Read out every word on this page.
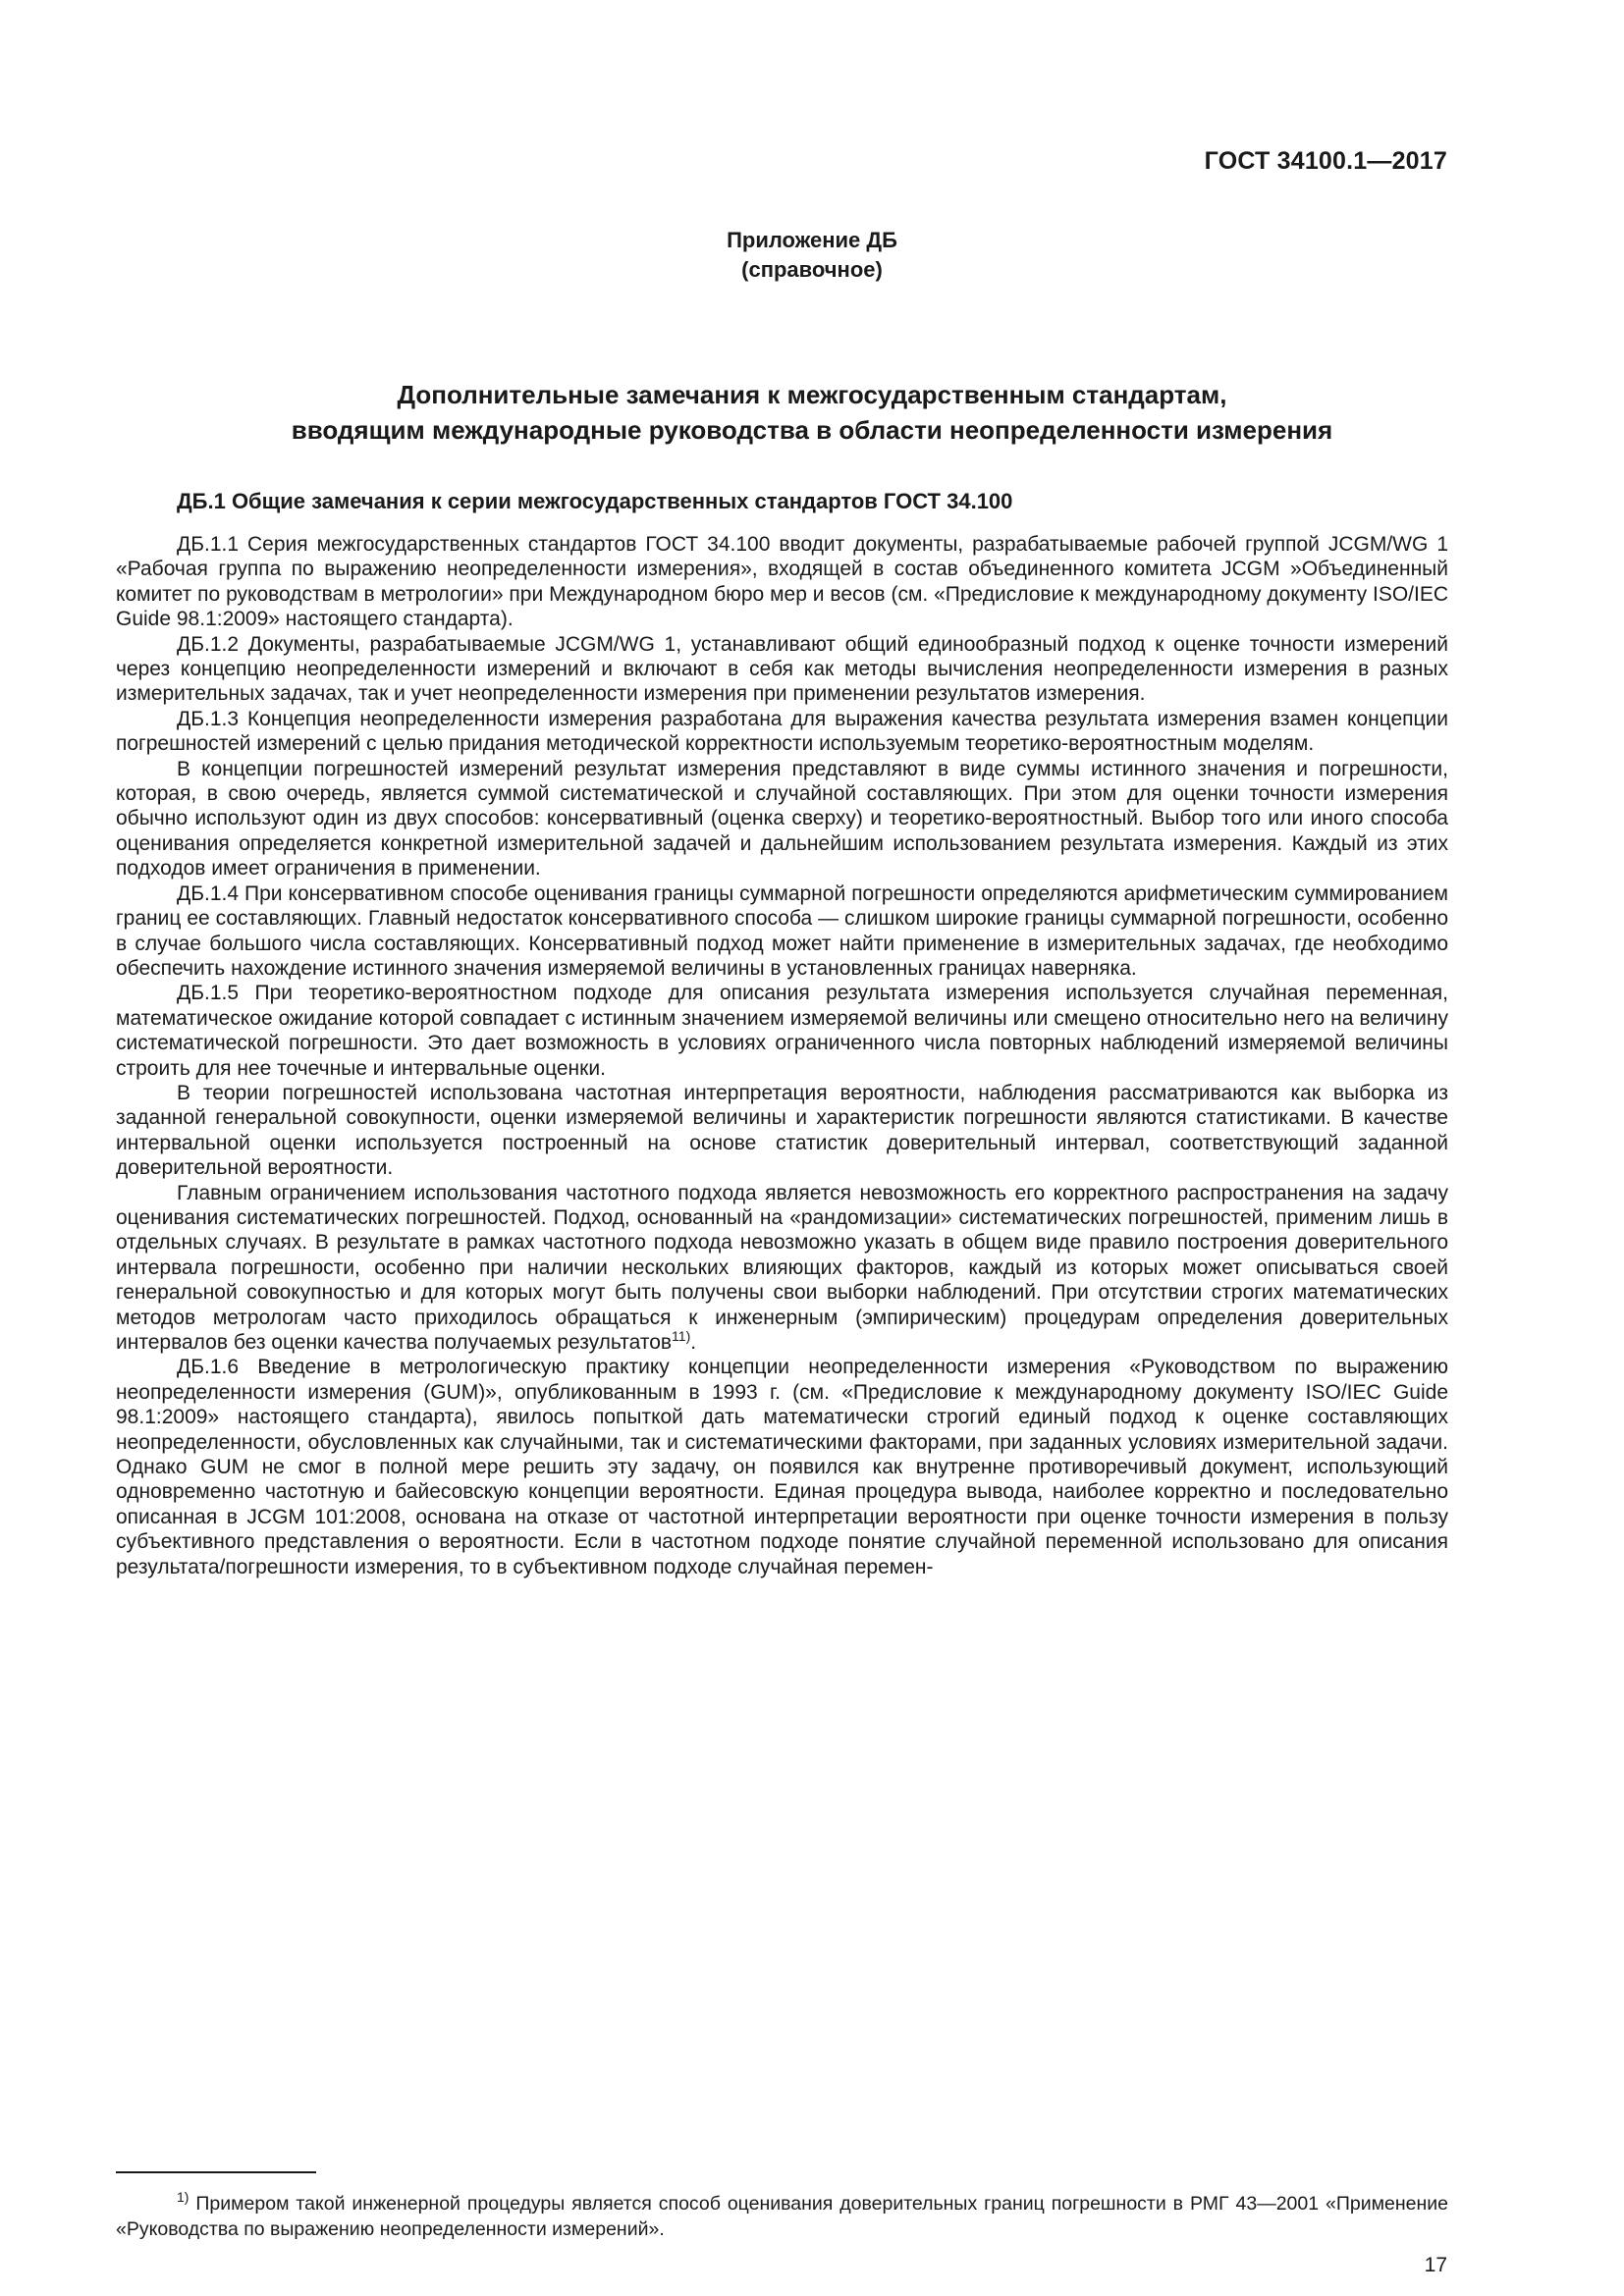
ГОСТ 34100.1—2017
Приложение ДБ
(справочное)
Дополнительные замечания к межгосударственным стандартам,
вводящим международные руководства в области неопределенности измерения
ДБ.1 Общие замечания к серии межгосударственных стандартов ГОСТ 34.100

ДБ.1.1 Серия межгосударственных стандартов ГОСТ 34.100 вводит документы, разрабатываемые рабочей группой JCGM/WG 1 «Рабочая группа по выражению неопределенности измерения», входящей в состав объединенного комитета JCGM »Объединенный комитет по руководствам в метрологии» при Международном бюро мер и весов (см. «Предисловие к международному документу ISO/IEC Guide 98.1:2009» настоящего стандарта).

ДБ.1.2 Документы, разрабатываемые JCGM/WG 1, устанавливают общий единообразный подход к оценке точности измерений через концепцию неопределенности измерений и включают в себя как методы вычисления неопределенности измерения в разных измерительных задачах, так и учет неопределенности измерения при применении результатов измерения.

ДБ.1.3 Концепция неопределенности измерения разработана для выражения качества результата измерения взамен концепции погрешностей измерений с целью придания методической корректности используемым теоретико-вероятностным моделям.

В концепции погрешностей измерений результат измерения представляют в виде суммы истинного значения и погрешности, которая, в свою очередь, является суммой систематической и случайной составляющих. При этом для оценки точности измерения обычно используют один из двух способов: консервативный (оценка сверху) и теоретико-вероятностный. Выбор того или иного способа оценивания определяется конкретной измерительной задачей и дальнейшим использованием результата измерения. Каждый из этих подходов имеет ограничения в применении.

ДБ.1.4 При консервативном способе оценивания границы суммарной погрешности определяются арифметическим суммированием границ ее составляющих. Главный недостаток консервативного способа — слишком широкие границы суммарной погрешности, особенно в случае большого числа составляющих. Консервативный подход может найти применение в измерительных задачах, где необходимо обеспечить нахождение истинного значения измеряемой величины в установленных границах наверняка.

ДБ.1.5 При теоретико-вероятностном подходе для описания результата измерения используется случайная переменная, математическое ожидание которой совпадает с истинным значением измеряемой величины или смещено относительно него на величину систематической погрешности. Это дает возможность в условиях ограниченного числа повторных наблюдений измеряемой величины строить для нее точечные и интервальные оценки.

В теории погрешностей использована частотная интерпретация вероятности, наблюдения рассматриваются как выборка из заданной генеральной совокупности, оценки измеряемой величины и характеристик погрешности являются статистиками. В качестве интервальной оценки используется построенный на основе статистик доверительный интервал, соответствующий заданной доверительной вероятности.

Главным ограничением использования частотного подхода является невозможность его корректного распространения на задачу оценивания систематических погрешностей. Подход, основанный на «рандомизации» систематических погрешностей, применим лишь в отдельных случаях. В результате в рамках частотного подхода невозможно указать в общем виде правило построения доверительного интервала погрешности, особенно при наличии нескольких влияющих факторов, каждый из которых может описываться своей генеральной совокупностью и для которых могут быть получены свои выборки наблюдений. При отсутствии строгих математических методов метрологам часто приходилось обращаться к инженерным (эмпирическим) процедурам определения доверительных интервалов без оценки качества получаемых результатов$^{11)}$.

ДБ.1.6 Введение в метрологическую практику концепции неопределенности измерения «Руководством по выражению неопределенности измерения (GUM)», опубликованным в 1993 г. (см. «Предисловие к международному документу ISO/IEC Guide 98.1:2009» настоящего стандарта), явилось попыткой дать математически строгий единый подход к оценке составляющих неопределенности, обусловленных как случайными, так и систематическими факторами, при заданных условиях измерительной задачи. Однако GUM не смог в полной мере решить эту задачу, он появился как внутренне противоречивый документ, использующий одновременно частотную и байесовскую концепции вероятности. Единая процедура вывода, наиболее корректно и последовательно описанная в JCGM 101:2008, основана на отказе от частотной интерпретации вероятности при оценке точности измерения в пользу субъективного представления о вероятности. Если в частотном подходе понятие случайной переменной использовано для описания результата/погрешности измерения, то в субъективном подходе случайная перемен-

$^{1)}$ Примером такой инженерной процедуры является способ оценивания доверительных границ погрешности в РМГ 43—2001 «Применение «Руководства по выражению неопределенности измерений».
17
